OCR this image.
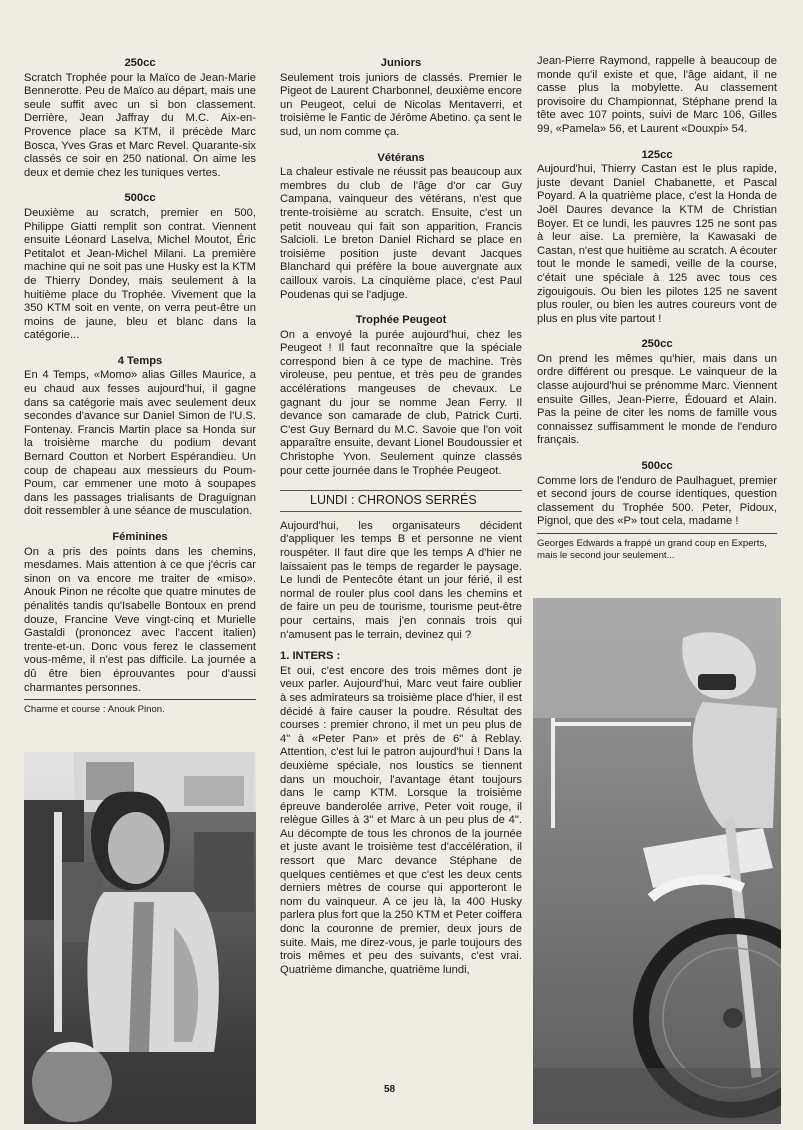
250cc

Scratch Trophée pour la Maïco de Jean-Marie Bennerotte. Peu de Maïco au départ, mais une seule suffit avec un si bon classement. Derrière, Jean Jaffray du M.C. Aix-en-Provence place sa KTM, il précède Marc Bosca, Yves Gras et Marc Revel. Quarante-six classés ce soir en 250 national. On aime les deux et demie chez les tuniques vertes.

500cc

Deuxième au scratch, premier en 500, Philippe Giatti remplit son contrat. Viennent ensuite Léonard Laselva, Michel Moutot, Éric Petitalot et Jean-Michel Milani. La première machine qui ne soit pas une Husky est la KTM de Thierry Dondey, mais seulement à la huitième place du Trophée. Vivement que la 350 KTM soit en vente, on verra peut-être un moins de jaune, bleu et blanc dans la catégorie...

4 Temps

En 4 Temps, «Momo» alias Gilles Maurice, a eu chaud aux fesses aujourd'hui, il gagne dans sa catégorie mais avec seulement deux secondes d'avance sur Daniel Simon de l'U.S. Fontenay. Francis Martin place sa Honda sur la troisième marche du podium devant Bernard Coutton et Norbert Espérandieu. Un coup de chapeau aux messieurs du Poum-Poum, car emmener une moto à soupapes dans les passages trialisants de Draguignan doit ressembler à une séance de musculation.

Féminines

On a pris des points dans les chemins, mesdames. Mais attention à ce que j'écris car sinon on va encore me traiter de «miso». Anouk Pinon ne récolte que quatre minutes de pénalités tandis qu'Isabelle Bontoux en prend douze, Francine Veve vingt-cinq et Murielle Gastaldi (prononcez avec l'accent italien) trente-et-un. Donc vous ferez le classement vous-même, il n'est pas difficile. La journée a dû être bien éprouvantes pour d'aussi charmantes personnes.

Charme et course : Anouk Pinon.
Juniors

Seulement trois juniors de classés. Premier le Pigeot de Laurent Charbonnel, deuxième encore un Peugeot, celui de Nicolas Mentaverri, et troisième le Fantic de Jérôme Abetino. ça sent le sud, un nom comme ça.

Vétérans

La chaleur estivale ne réussit pas beaucoup aux membres du club de l'âge d'or car Guy Campana, vainqueur des vétérans, n'est que trente-troisième au scratch. Ensuite, c'est un petit nouveau qui fait son apparition, Francis Salcioli. Le breton Daniel Richard se place en troisième position juste devant Jacques Blanchard qui préfère la boue auvergnate aux cailloux varois. La cinquième place, c'est Paul Poudenas qui se l'adjuge.

Trophée Peugeot

On a envoyé la purée aujourd'hui, chez les Peugeot ! Il faut reconnaître que la spéciale correspond bien à ce type de machine. Très viroleuse, peu pentue, et très peu de grandes accélérations mangeuses de chevaux. Le gagnant du jour se nomme Jean Ferry. Il devance son camarade de club, Patrick Curti. C'est Guy Bernard du M.C. Savoie que l'on voit apparaître ensuite, devant Lionel Boudoussier et Christophe Yvon. Seulement quinze classés pour cette journée dans le Trophée Peugeot.

LUNDI : CHRONOS SERRÉS

Aujourd'hui, les organisateurs décident d'appliquer les temps B et personne ne vient rouspéter. Il faut dire que les temps A d'hier ne laissaient pas le temps de regarder le paysage. Le lundi de Pentecôte étant un jour férié, il est normal de rouler plus cool dans les chemins et de faire un peu de tourisme, tourisme peut-être pour certains, mais j'en connais trois qui n'amusent pas le terrain, devinez qui ?

1. INTERS :

Et oui, c'est encore des trois mêmes dont je veux parler. Aujourd'hui, Marc veut faire oublier à ses admirateurs sa troisième place d'hier, il est décidé à faire causer la poudre. Résultat des courses : premier chrono, il met un peu plus de 4" à «Peter Pan» et près de 6" à Reblay. Attention, c'est lui le patron aujourd'hui ! Dans la deuxième spéciale, nos loustics se tiennent dans un mouchoir, l'avantage étant toujours dans le camp KTM. Lorsque la troisième épreuve banderolée arrive, Peter voit rouge, il relègue Gilles à 3" et Marc à un peu plus de 4". Au décompte de tous les chronos de la journée et juste avant le troisième test d'accélération, il ressort que Marc devance Stéphane de quelques centièmes et que c'est les deux cents derniers mètres de course qui apporteront le nom du vainqueur. A ce jeu là, la 400 Husky parlera plus fort que la 250 KTM et Peter coiffera donc la couronne de premier, deux jours de suite. Mais, me direz-vous, je parle toujours des trois mêmes et peu des suivants, c'est vrai. Quatrième dimanche, quatrième lundi,

Jean-Pierre Raymond, rappelle à beaucoup de monde qu'il existe et que, l'âge aidant, il ne casse plus la mobylette. Au classement provisoire du Championnat, Stéphane prend la tête avec 107 points, suivi de Marc 106, Gilles 99, «Pamela» 56, et Laurent «Douxpi» 54.

125cc

Aujourd'hui, Thierry Castan est le plus rapide, juste devant Daniel Chabanette, et Pascal Poyard. A la quatrième place, c'est la Honda de Joël Daures devance la KTM de Christian Boyer. Et ce lundi, les pauvres 125 ne sont pas à leur aise. La première, la Kawasaki de Castan, n'est que huitième au scratch. A écouter tout le monde le samedi, veille de la course, c'était une spéciale à 125 avec tous ces zigouigouis. Ou bien les pilotes 125 ne savent plus rouler, ou bien les autres coureurs vont de plus en plus vite partout !

250cc

On prend les mêmes qu'hier, mais dans un ordre différent ou presque. Le vainqueur de la classe aujourd'hui se prénomme Marc. Viennent ensuite Gilles, Jean-Pierre, Édouard et Alain. Pas la peine de citer les noms de famille vous connaissez suffisamment le monde de l'enduro français.

500cc

Comme lors de l'enduro de Paulhaguet, premier et second jours de course identiques, question classement du Trophée 500. Peter, Pidoux, Pignol, que des «P» tout cela, madame !

Georges Edwards a frappé un grand coup en Experts, mais le second jour seulement...
58
